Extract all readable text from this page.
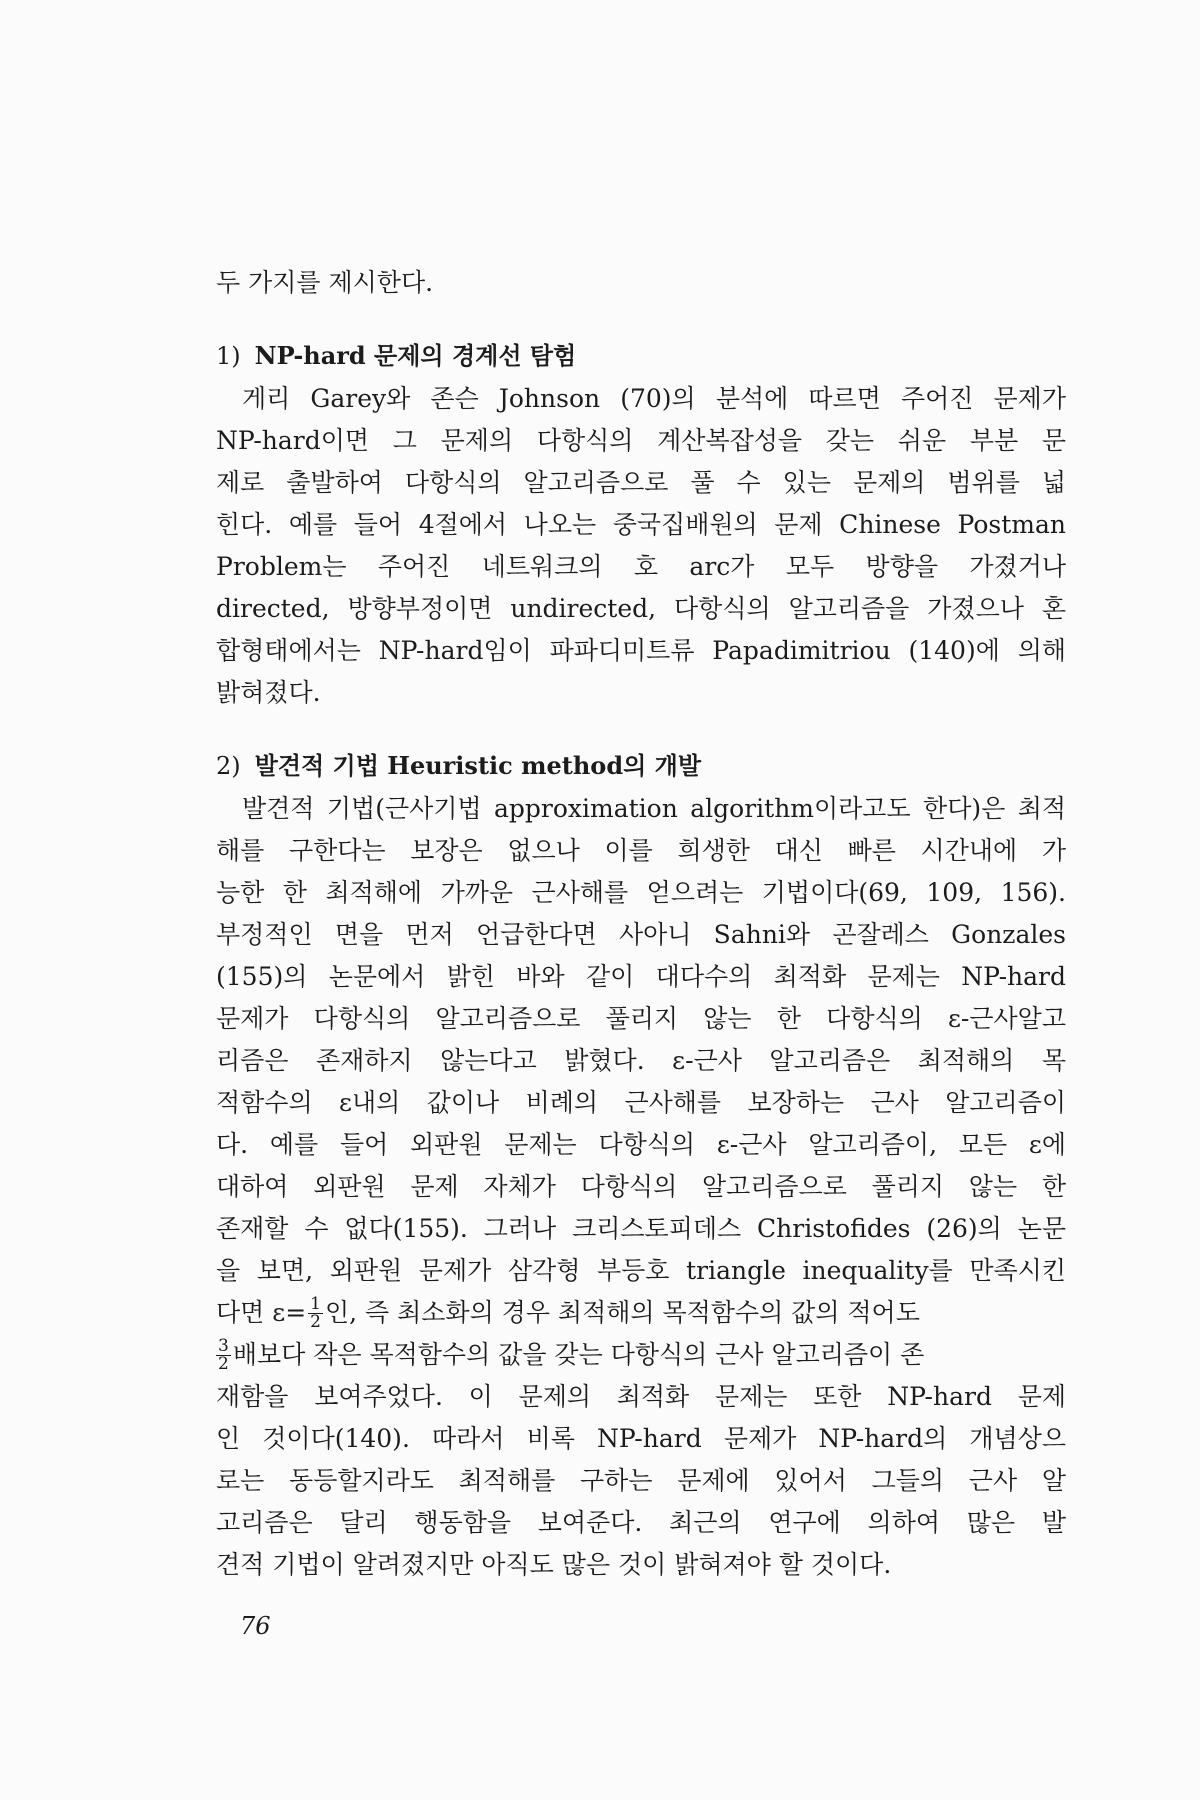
두 가지를 제시한다.
1) NP-hard 문제의 경계선 탐험
게리 Garey와 존슨 Johnson (70)의 분석에 따르면 주어진 문제가
NP-hard이면 그 문제의 다항식의 계산복잡성을 갖는 쉬운 부분 문
제로 출발하여 다항식의 알고리즘으로 풀 수 있는 문제의 범위를 넓
힌다. 예를 들어 4절에서 나오는 중국집배원의 문제 Chinese Postman
Problem는 주어진 네트워크의 호 arc가 모두 방향을 가졌거나
directed, 방향부정이면 undirected, 다항식의 알고리즘을 가졌으나 혼
합형태에서는 NP-hard임이 파파디미트류 Papadimitriou (140)에 의해
밝혀졌다.
2) 발견적 기법 Heuristic method의 개발
발견적 기법(근사기법 approximation algorithm이라고도 한다)은 최적
해를 구한다는 보장은 없으나 이를 희생한 대신 빠른 시간내에 가
능한 한 최적해에 가까운 근사해를 얻으려는 기법이다(69, 109, 156).
부정적인 면을 먼저 언급한다면 사아니 Sahni와 곤잘레스 Gonzales
(155)의 논문에서 밝힌 바와 같이 대다수의 최적화 문제는 NP-hard
문제가 다항식의 알고리즘으로 풀리지 않는 한 다항식의 ε-근사알고
리즘은 존재하지 않는다고 밝혔다. ε-근사 알고리즘은 최적해의 목
적함수의 ε내의 값이나 비례의 근사해를 보장하는 근사 알고리즘이
다. 예를 들어 외판원 문제는 다항식의 ε-근사 알고리즘이, 모든 ε에
대하여 외판원 문제 자체가 다항식의 알고리즘으로 풀리지 않는 한
존재할 수 없다(155). 그러나 크리스토피데스 Christofides (26)의 논문
을 보면, 외판원 문제가 삼각형 부등호 triangle inequality를 만족시킨
다면 $\varepsilon= \frac{1}{2}$ 인, 즉 최소화의 경우 최적해의 목적함수의 값의 적어도
$\frac{3}{2}$ 배보다 작은 목적함수의 값을 갖는 다항식의 근사 알고리즘이 존
재함을 보여주었다. 이 문제의 최적화 문제는 또한 NP-hard 문제
인 것이다(140). 따라서 비록 NP-hard 문제가 NP-hard의 개념상으
로는 동등할지라도 최적해를 구하는 문제에 있어서 그들의 근사 알
고리즘은 달리 행동함을 보여준다. 최근의 연구에 의하여 많은 발
견적 기법이 알려졌지만 아직도 많은 것이 밝혀져야 할 것이다.
76
